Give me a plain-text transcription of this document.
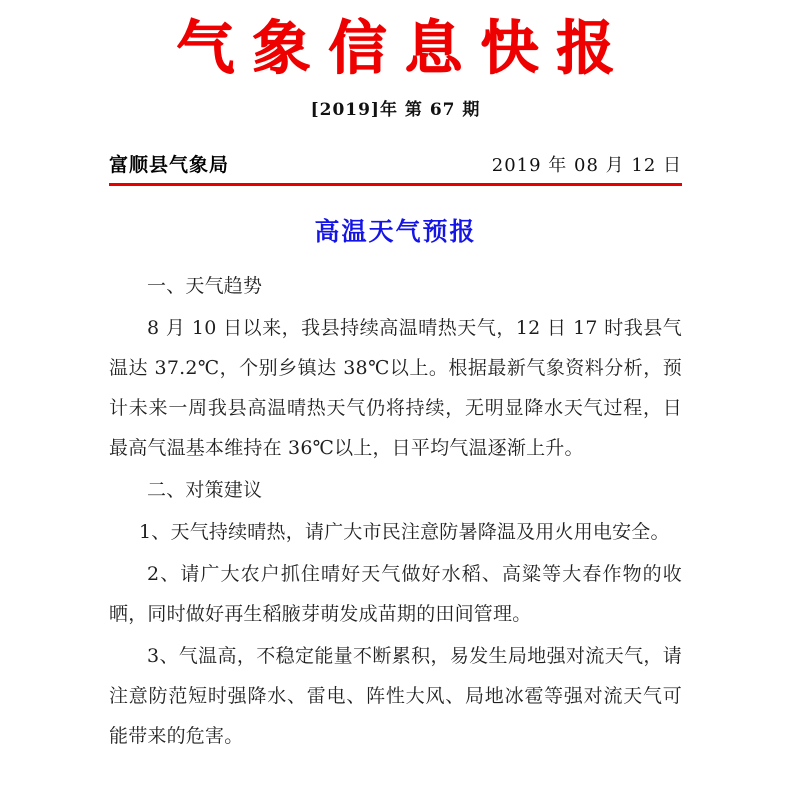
气象信息快报
[2019]年 第 67 期
富顺县气象局	2019 年 08 月 12 日
高温天气预报

一、天气趋势

8 月 10 日以来，我县持续高温晴热天气，12 日 17 时我县气温达 37.2℃，个别乡镇达 38℃以上。根据最新气象资料分析，预计未来一周我县高温晴热天气仍将持续，无明显降水天气过程，日最高气温基本维持在 36℃以上，日平均气温逐渐上升。

二、对策建议

1、天气持续晴热，请广大市民注意防暑降温及用火用电安全。

2、请广大农户抓住晴好天气做好水稻、高粱等大春作物的收晒，同时做好再生稻腋芽萌发成苗期的田间管理。

3、气温高，不稳定能量不断累积，易发生局地强对流天气，请注意防范短时强降水、雷电、阵性大风、局地冰雹等强对流天气可能带来的危害。
